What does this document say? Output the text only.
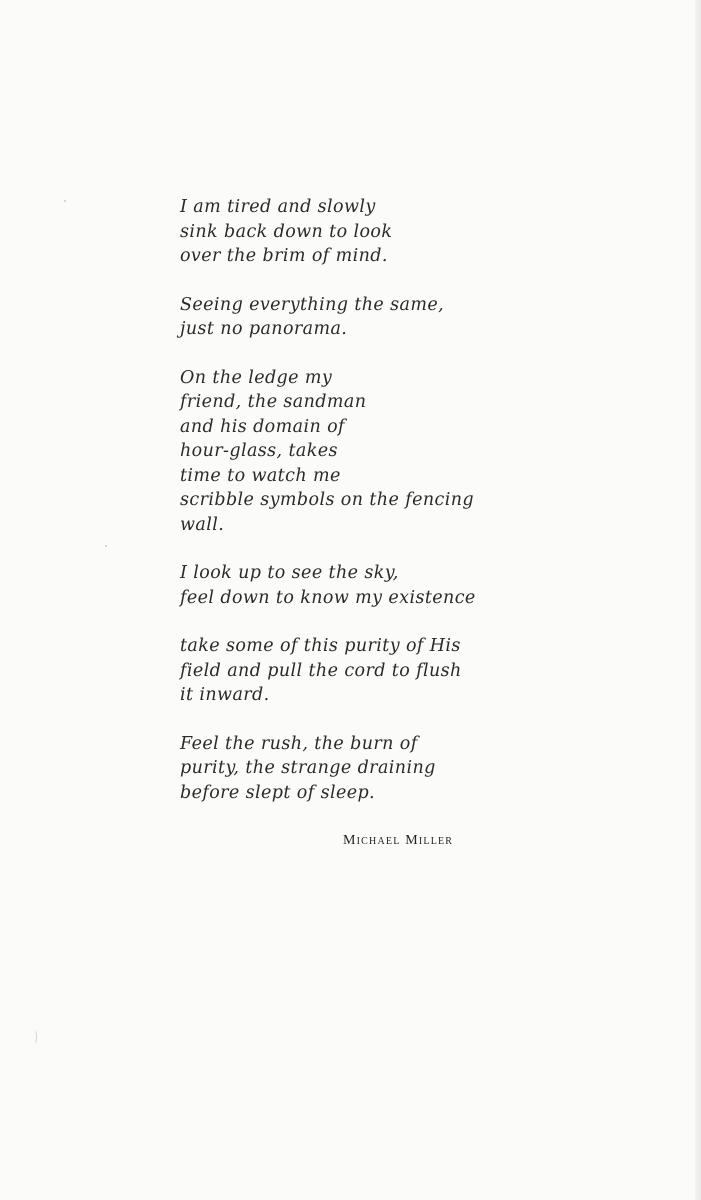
I am tired and slowly
sink back down to look
over the brim of mind.
Seeing everything the same,
just no panorama.
On the ledge my
friend, the sandman
and his domain of
hour-glass, takes
time to watch me
scribble symbols on the fencing
wall.
I look up to see the sky,
feel down to know my existence
take some of this purity of His
field and pull the cord to flush
it inward.
Feel the rush, the burn of
purity, the strange draining
before slept of sleep.
Michael Miller
